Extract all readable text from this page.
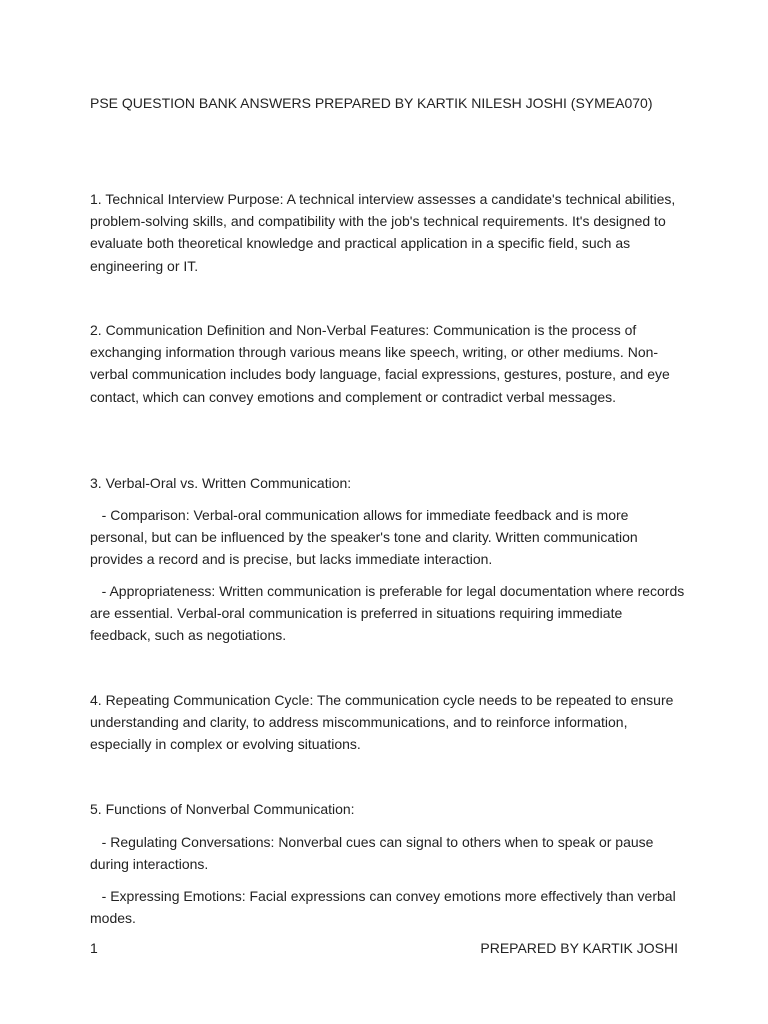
PSE QUESTION BANK ANSWERS PREPARED BY KARTIK NILESH JOSHI (SYMEA070)

1. Technical Interview Purpose: A technical interview assesses a candidate's technical abilities, problem-solving skills, and compatibility with the job's technical requirements. It's designed to evaluate both theoretical knowledge and practical application in a specific field, such as engineering or IT.

2. Communication Definition and Non-Verbal Features: Communication is the process of exchanging information through various means like speech, writing, or other mediums. Non-verbal communication includes body language, facial expressions, gestures, posture, and eye contact, which can convey emotions and complement or contradict verbal messages.

3. Verbal-Oral vs. Written Communication:

- Comparison: Verbal-oral communication allows for immediate feedback and is more personal, but can be influenced by the speaker's tone and clarity. Written communication provides a record and is precise, but lacks immediate interaction.

- Appropriateness: Written communication is preferable for legal documentation where records are essential. Verbal-oral communication is preferred in situations requiring immediate feedback, such as negotiations.

4. Repeating Communication Cycle: The communication cycle needs to be repeated to ensure understanding and clarity, to address miscommunications, and to reinforce information, especially in complex or evolving situations.

5. Functions of Nonverbal Communication:

- Regulating Conversations: Nonverbal cues can signal to others when to speak or pause during interactions.

- Expressing Emotions: Facial expressions can convey emotions more effectively than verbal modes.

1	PREPARED BY KARTIK JOSHI
